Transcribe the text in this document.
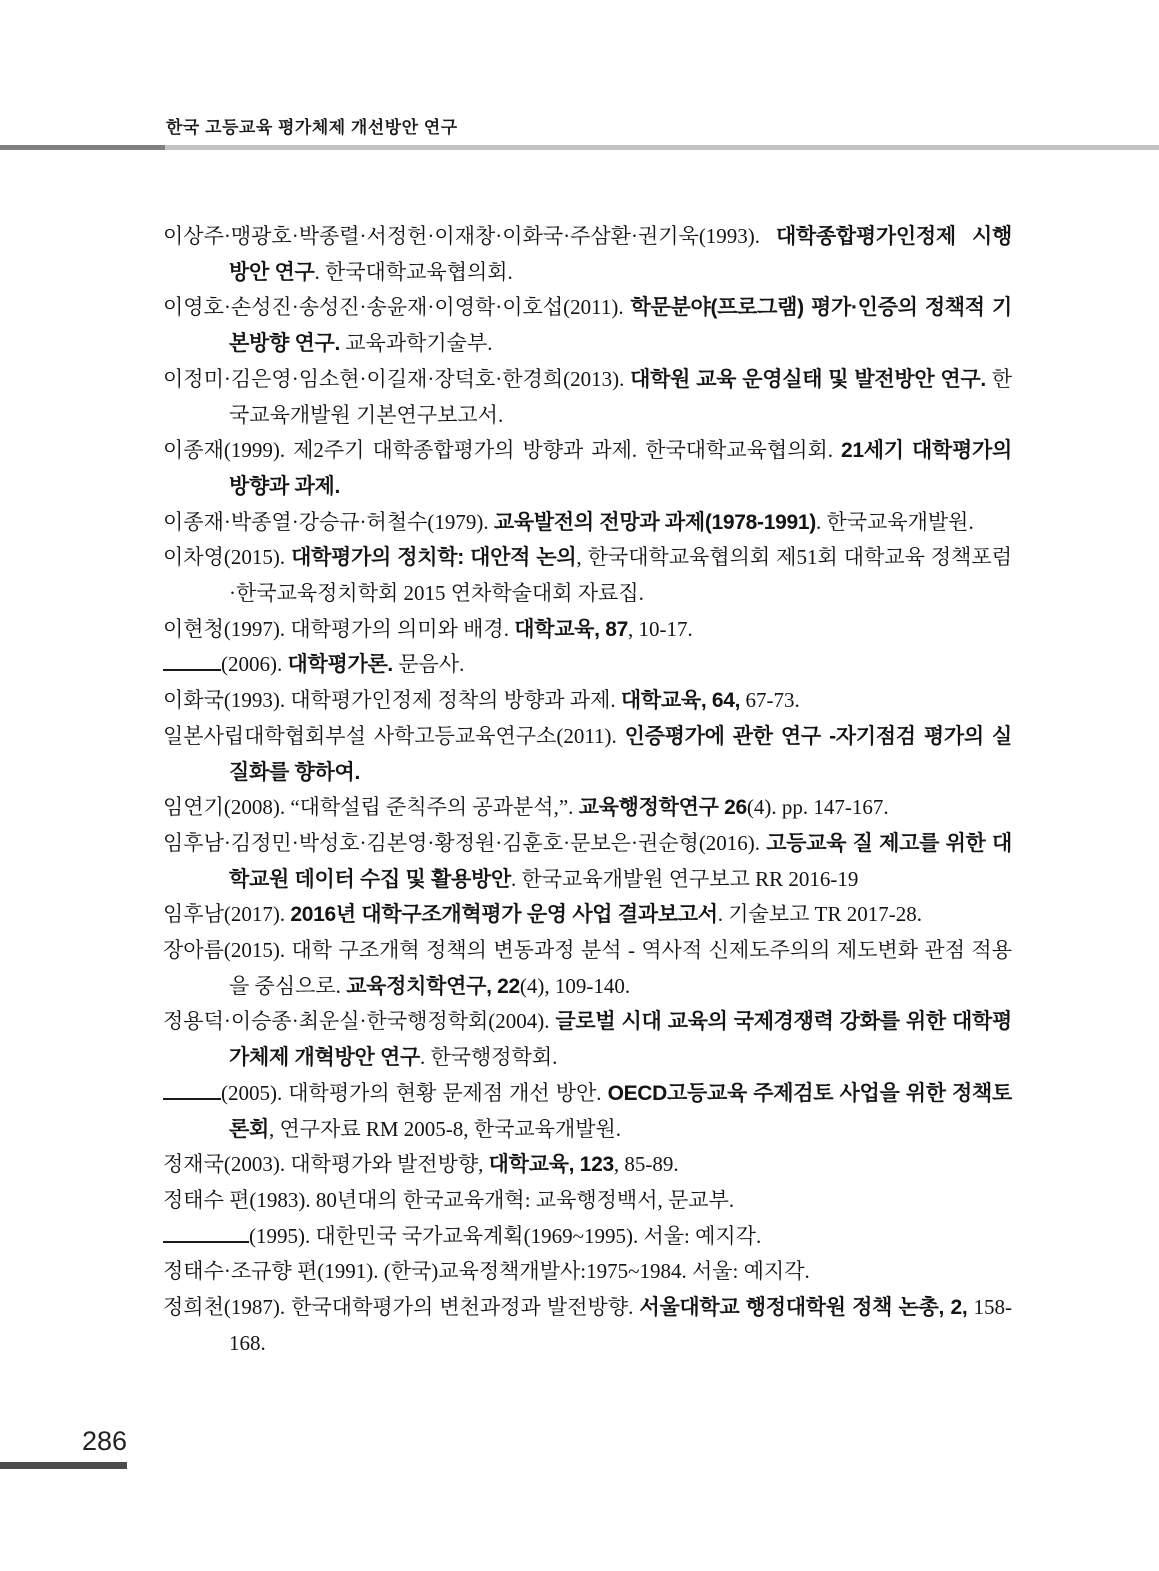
한국 고등교육 평가체제 개선방안 연구

이상주·맹광호·박종렬·서정헌·이재창·이화국·주삼환·권기욱(1993). 대학종합평가인정제 시행 방안 연구. 한국대학교육협의회.

이영호·손성진·송성진·송윤재·이영학·이호섭(2011). 학문분야(프로그램) 평가·인증의 정책적 기본방향 연구. 교육과학기술부.

이정미·김은영·임소현·이길재·장덕호·한경희(2013). 대학원 교육 운영실태 및 발전방안 연구. 한국교육개발원 기본연구보고서.

이종재(1999). 제2주기 대학종합평가의 방향과 과제. 한국대학교육협의회. 21세기 대학평가의 방향과 과제.

이종재·박종열·강승규·허철수(1979). 교육발전의 전망과 과제(1978-1991). 한국교육개발원.

이차영(2015). 대학평가의 정치학: 대안적 논의, 한국대학교육협의회 제51회 대학교육 정책포럼·한국교육정치학회 2015 연차학술대회 자료집.

이현청(1997). 대학평가의 의미와 배경. 대학교육, 87, 10-17.

(2006). 대학평가론. 문음사.

이화국(1993). 대학평가인정제 정착의 방향과 과제. 대학교육, 64, 67-73.

일본사립대학협회부설 사학고등교육연구소(2011). 인증평가에 관한 연구 -자기점검 평가의 실질화를 향하여.

임연기(2008). “대학설립 준칙주의 공과분석,”. 교육행정학연구 26(4). pp. 147-167.

임후남·김정민·박성호·김본영·황정원·김훈호·문보은·권순형(2016). 고등교육 질 제고를 위한 대학교원 데이터 수집 및 활용방안. 한국교육개발원 연구보고 RR 2016-19

임후남(2017). 2016년 대학구조개혁평가 운영 사업 결과보고서. 기술보고 TR 2017-28.

장아름(2015). 대학 구조개혁 정책의 변동과정 분석 - 역사적 신제도주의의 제도변화 관점 적용을 중심으로. 교육정치학연구, 22(4), 109-140.

정용덕·이승종·최운실·한국행정학회(2004). 글로벌 시대 교육의 국제경쟁력 강화를 위한 대학평가체제 개혁방안 연구. 한국행정학회.

(2005). 대학평가의 현황 문제점 개선 방안. OECD고등교육 주제검토 사업을 위한 정책토론회, 연구자료 RM 2005-8, 한국교육개발원.

정재국(2003). 대학평가와 발전방향, 대학교육, 123, 85-89.

정태수 편(1983). 80년대의 한국교육개혁: 교육행정백서, 문교부.

(1995). 대한민국 국가교육계획(1969~1995). 서울: 예지각.

정태수·조규향 편(1991). (한국)교육정책개발사:1975~1984. 서울: 예지각.

정희천(1987). 한국대학평가의 변천과정과 발전방향. 서울대학교 행정대학원 정책 논총, 2, 158-168.

286
